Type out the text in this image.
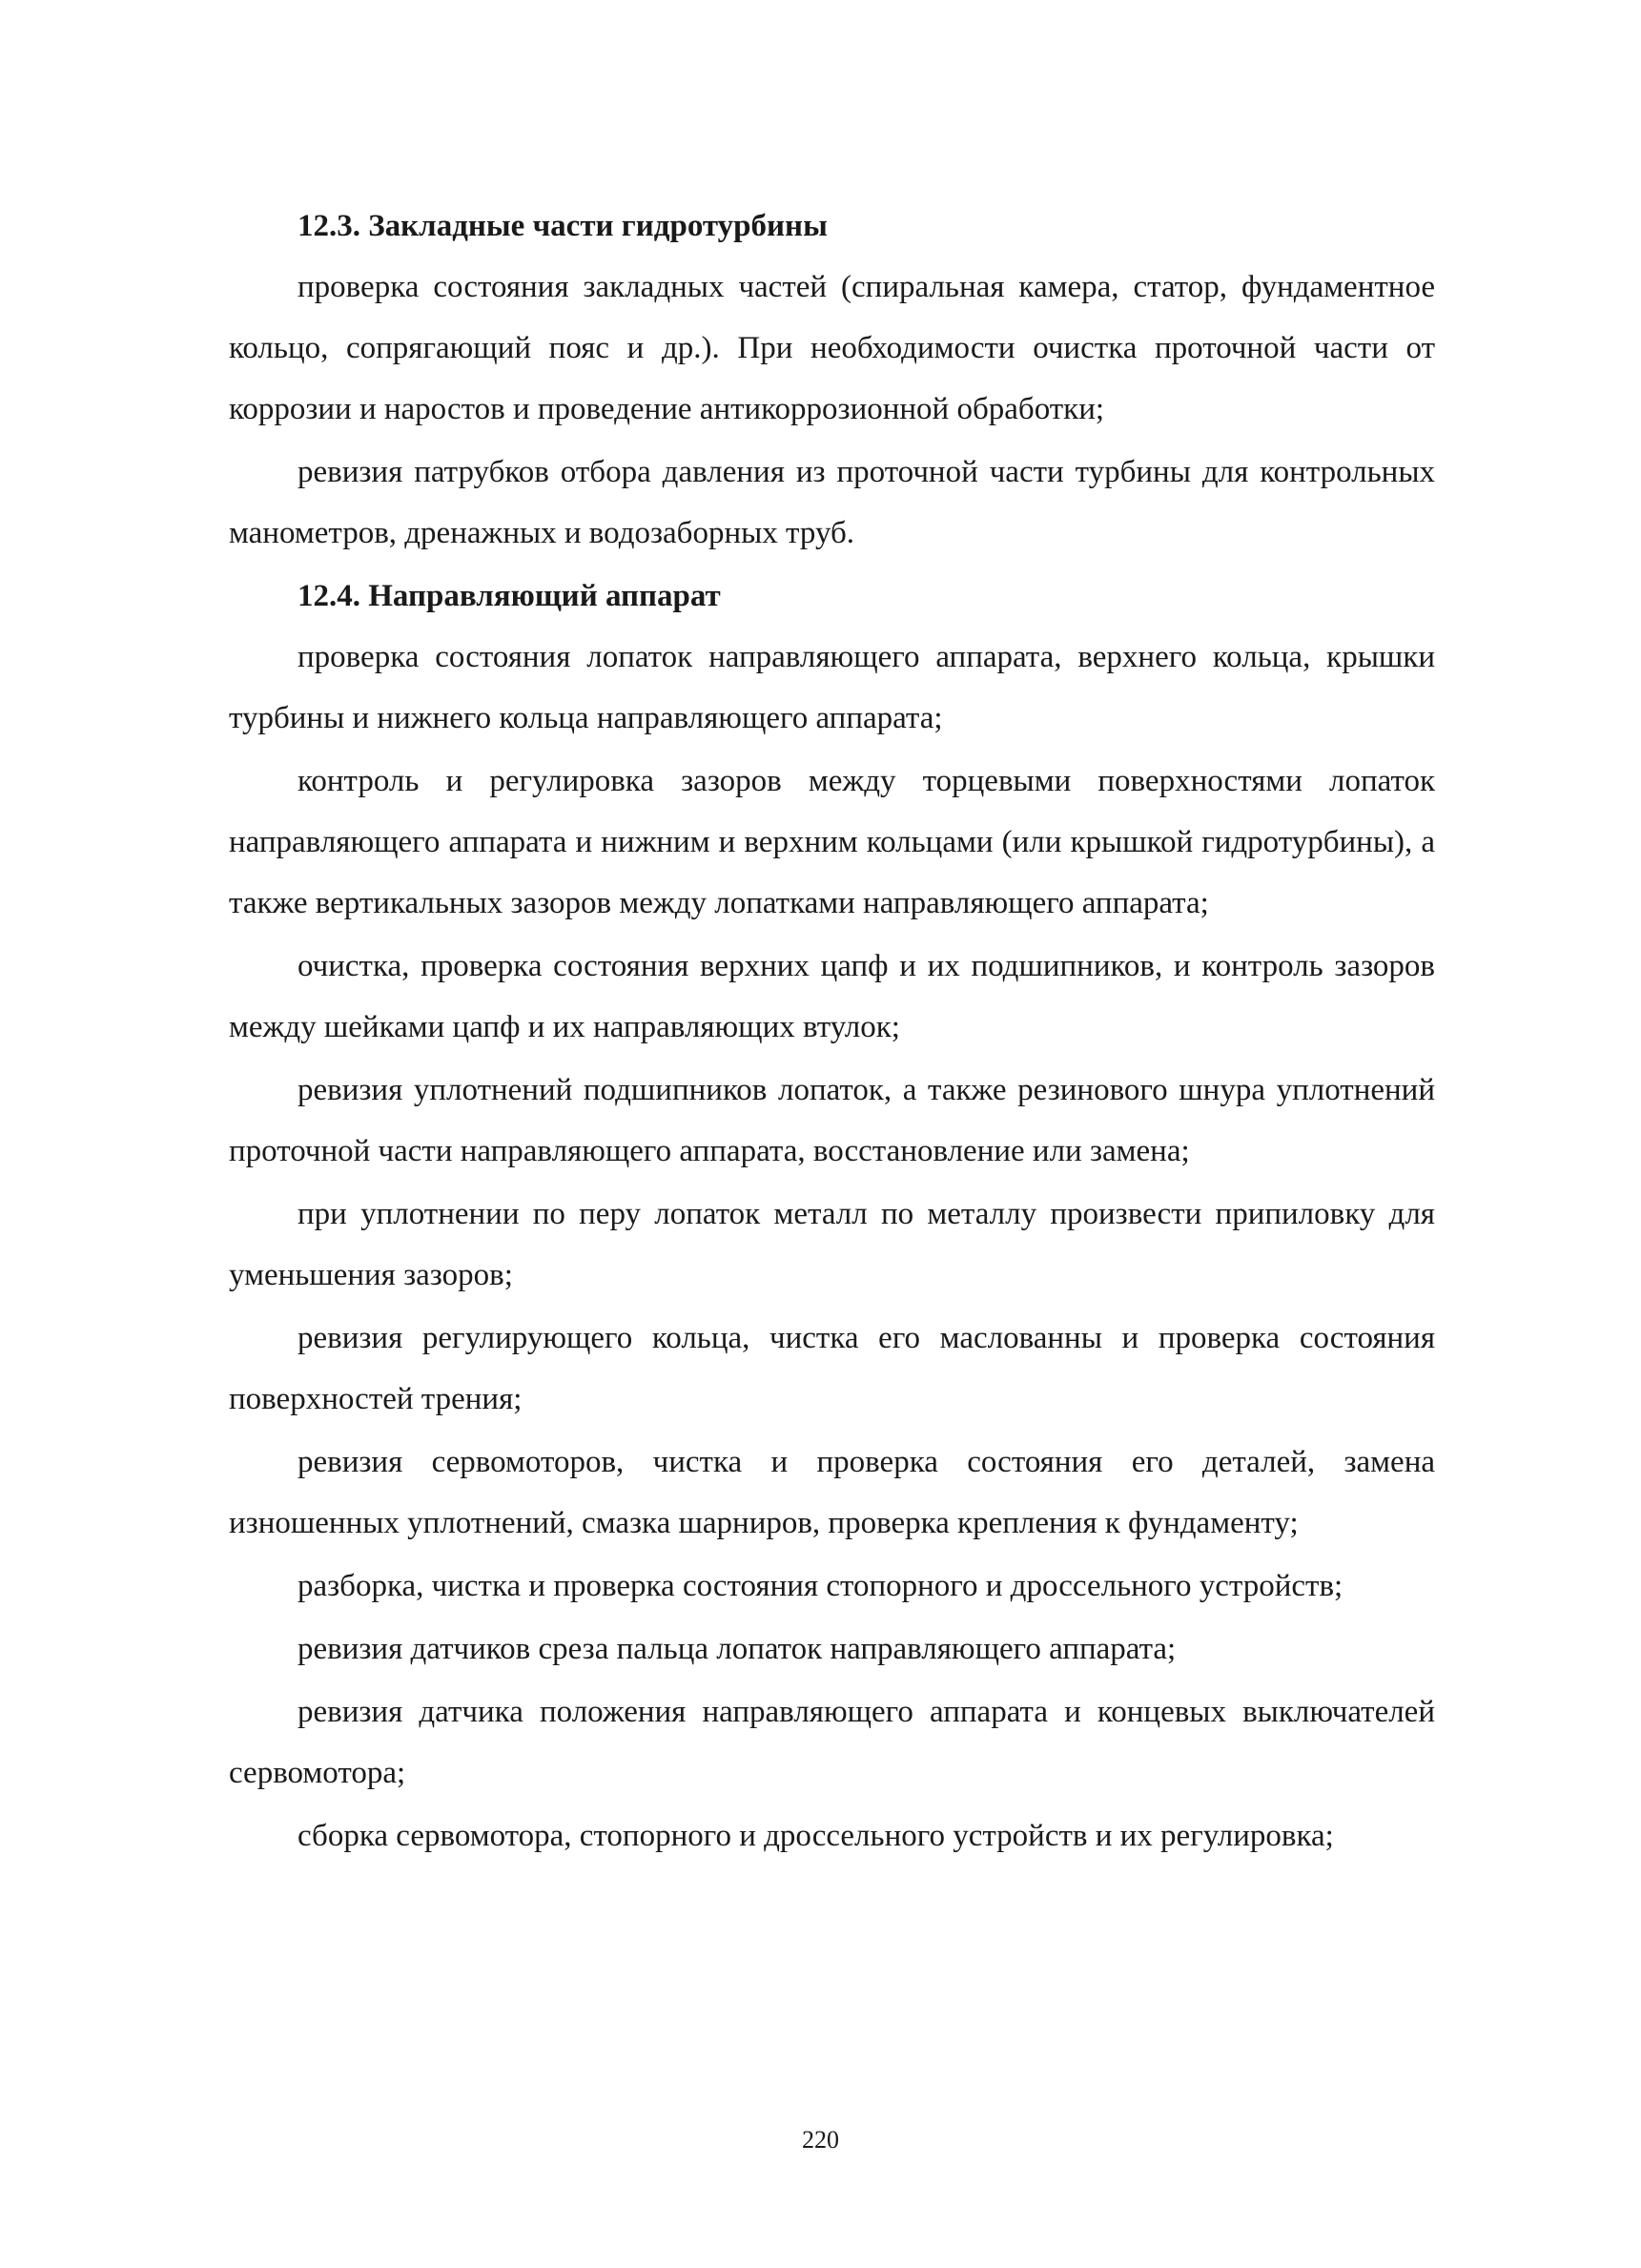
12.3. Закладные части гидротурбины

проверка состояния закладных частей (спиральная камера, статор, фундаментное кольцо, сопрягающий пояс и др.). При необходимости очистка проточной части от коррозии и наростов и проведение антикоррозионной обработки;

ревизия патрубков отбора давления из проточной части турбины для контрольных манометров, дренажных и водозаборных труб.

12.4. Направляющий аппарат

проверка состояния лопаток направляющего аппарата, верхнего кольца, крышки турбины и нижнего кольца направляющего аппарата;

контроль и регулировка зазоров между торцевыми поверхностями лопаток направляющего аппарата и нижним и верхним кольцами (или крышкой гидротурбины), а также вертикальных зазоров между лопатками направляющего аппарата;

очистка, проверка состояния верхних цапф и их подшипников, и контроль зазоров между шейками цапф и их направляющих втулок;

ревизия уплотнений подшипников лопаток, а также резинового шнура уплотнений проточной части направляющего аппарата, восстановление или замена;

при уплотнении по перу лопаток металл по металлу произвести припиловку для уменьшения зазоров;

ревизия регулирующего кольца, чистка его маслованны и проверка состояния поверхностей трения;

ревизия сервомоторов, чистка и проверка состояния его деталей, замена изношенных уплотнений, смазка шарниров, проверка крепления к фундаменту;

разборка, чистка и проверка состояния стопорного и дроссельного устройств;

ревизия датчиков среза пальца лопаток направляющего аппарата;

ревизия датчика положения направляющего аппарата и концевых выключателей сервомотора;

сборка сервомотора, стопорного и дроссельного устройств и их регулировка;

220
